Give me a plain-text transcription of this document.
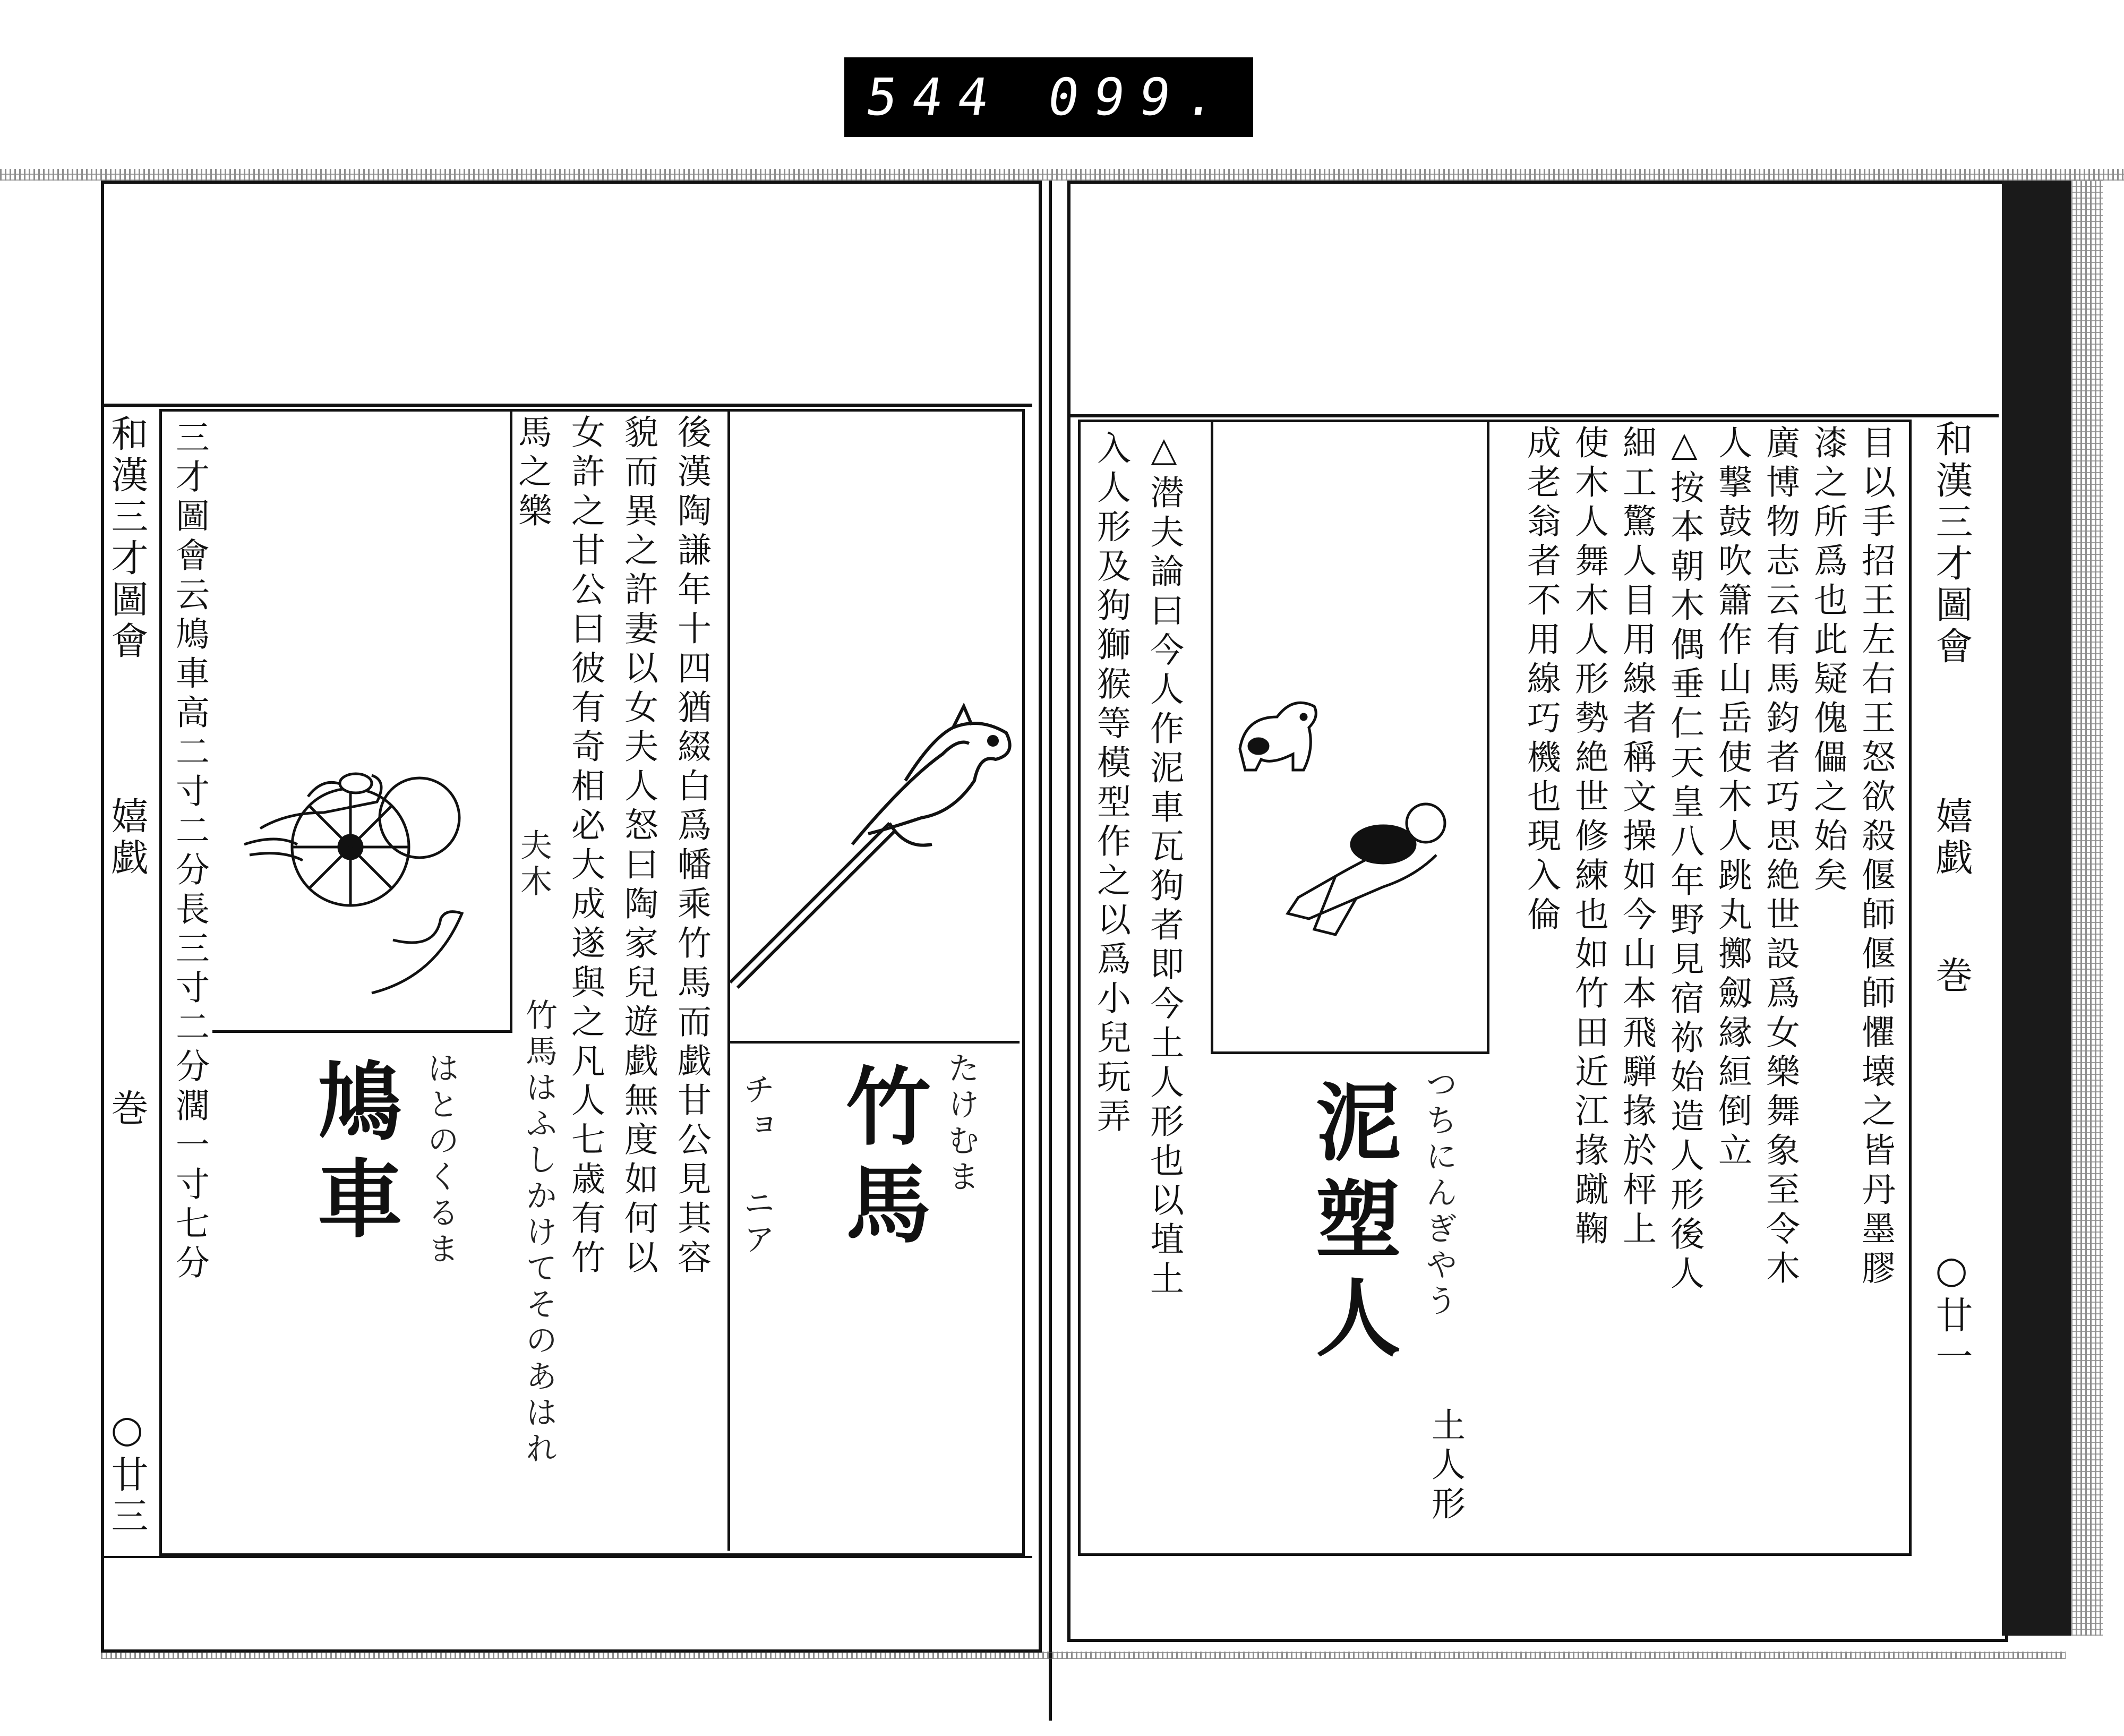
544 099.
和漢三才圖會
嬉戯
巻
○廿三
三才圖會云鳩車高二寸二分長三寸二分濶一寸七分 鳩車 はとのくるま	後漢陶謙年十四猶綴白爲幡乘竹馬而戯甘公見其容
貌而異之許妻以女夫人怒曰陶家兒遊戯無度如何以
女許之甘公曰彼有奇相必大成遂與之凡人七歳有竹
馬之樂
夫木
竹馬はふしかけてそのあはれ	竹馬 たけむま
チョ ニア
和漢三才圖會
嬉戯
巻
○廿一
目以手招王左右王怒欲殺偃師偃師懼壊之皆丹墨膠
漆之所爲也此疑傀儡之始矣
廣博物志云有馬鈞者巧思絶世設爲女樂舞象至令木
人撃鼓吹簫作山岳使木人跳丸擲劔縁絙倒立
△按本朝木偶垂仁天皇八年野見宿祢始造人形後人
細工驚人目用線者稱文操如今山本飛騨掾於枰上
使木人舞木人形勢絶世修練也如竹田近江掾蹴鞠
成老翁者不用線巧機也現入倫
泥塑人 つちにんぎやう
土人形
△潜夫論曰今人作泥車瓦狗者即今土人形也以埴土
入人形及狗獅猴等模型作之以爲小兒玩弄
